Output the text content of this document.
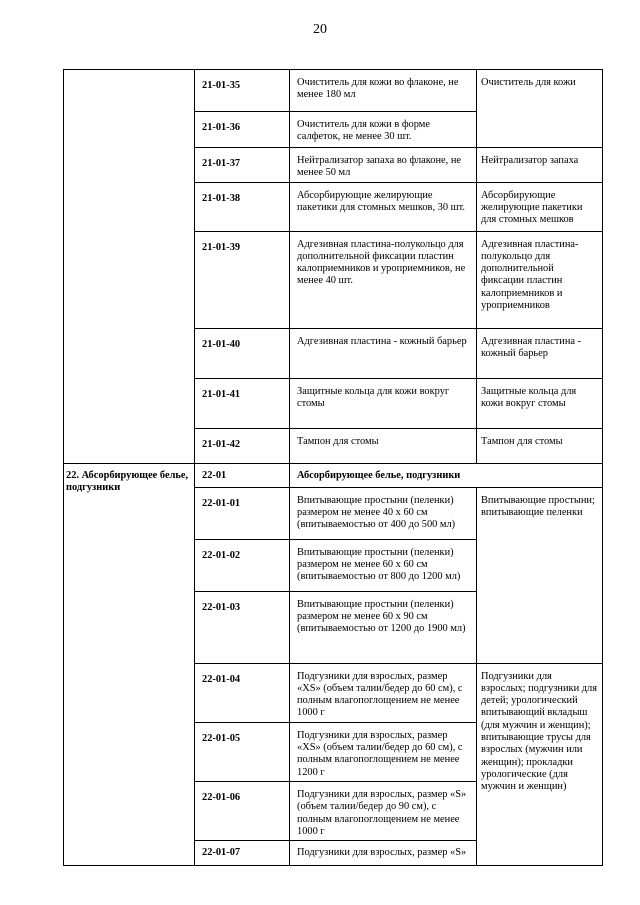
20
	21-01-35	Очиститель для кожи во флаконе, не менее 180 мл	Очиститель для кожи
	21-01-36	Очиститель для кожи в форме салфеток, не менее 30 шт.	
	21-01-37	Нейтрализатор запаха во флаконе, не менее 50 мл	Нейтрализатор запаха
	21-01-38	Абсорбирующие желирующие пакетики для стомных мешков, 30 шт.	Абсорбирующие желирующие пакетики для стомных мешков
	21-01-39	Адгезивная пластина-полукольцо для дополнительной фиксации пластин калоприемников и уроприемников, не менее 40 шт.	Адгезивная пластина-полукольцо для дополнительной фиксации пластин калоприемников и уроприемников
	21-01-40	Адгезивная пластина - кожный барьер	Адгезивная пластина - кожный барьер
	21-01-41	Защитные кольца для кожи вокруг стомы	Защитные кольца для кожи вокруг стомы
	21-01-42	Тампон для стомы	Тампон для стомы
22. Абсорбирующее белье, подгузники	22-01	Абсорбирующее белье, подгузники	
	22-01-01	Впитывающие простыни (пеленки) размером не менее 40 x 60 см (впитываемостью от 400 до 500 мл)	Впитывающие простыни; впитывающие пеленки
	22-01-02	Впитывающие простыни (пеленки) размером не менее 60 x 60 см (впитываемостью от 800 до 1200 мл)	
	22-01-03	Впитывающие простыни (пеленки) размером не менее 60 x 90 см (впитываемостью от 1200 до 1900 мл)	
	22-01-04	Подгузники для взрослых, размер «XS» (объем талии/бедер до 60 см), с полным влагопоглощением не менее 1000 г	Подгузники для взрослых; подгузники для детей; урологический впитывающий вкладыш (для мужчин и женщин); впитывающие трусы для взрослых (мужчин или женщин); прокладки урологические (для мужчин и женщин)
	22-01-05	Подгузники для взрослых, размер «XS» (объем талии/бедер до 60 см), с полным влагопоглощением не менее 1200 г	
	22-01-06	Подгузники для взрослых, размер «S» (объем талии/бедер до 90 см), с полным влагопоглощением не менее 1000 г	
	22-01-07	Подгузники для взрослых, размер «S»	
